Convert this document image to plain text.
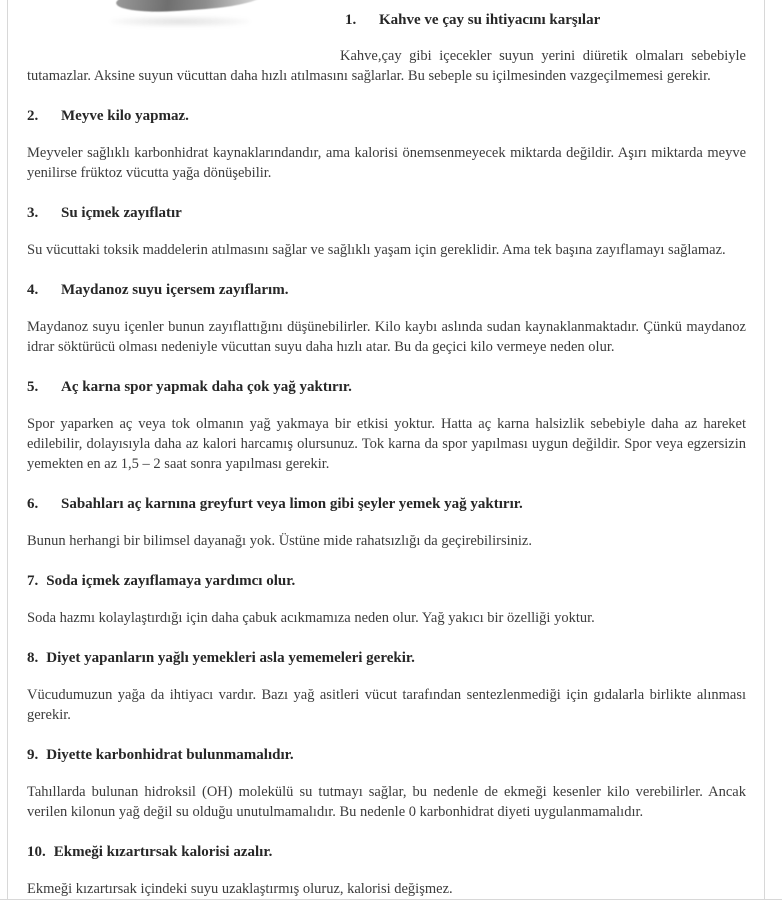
1. Kahve ve çay su ihtiyacını karşılar

Kahve,çay gibi içecekler suyun yerini diüretik olmaları sebebiyle tutamazlar. Aksine suyun vücuttan daha hızlı atılmasını sağlarlar. Bu sebeple su içilmesinden vazgeçilmemesi gerekir.

2. Meyve kilo yapmaz.

Meyveler sağlıklı karbonhidrat kaynaklarındandır, ama kalorisi önemsenmeyecek miktarda değildir. Aşırı miktarda meyve yenilirse früktoz vücutta yağa dönüşebilir.

3. Su içmek zayıflatır

Su vücuttaki toksik maddelerin atılmasını sağlar ve sağlıklı yaşam için gereklidir. Ama tek başına zayıflamayı sağlamaz.

4. Maydanoz suyu içersem zayıflarım.

Maydanoz suyu içenler bunun zayıflattığını düşünebilirler. Kilo kaybı aslında sudan kaynaklanmaktadır. Çünkü maydanoz idrar söktürücü olması nedeniyle vücuttan suyu daha hızlı atar. Bu da geçici kilo vermeye neden olur.

5. Aç karna spor yapmak daha çok yağ yaktırır.

Spor yaparken aç veya tok olmanın yağ yakmaya bir etkisi yoktur. Hatta aç karna halsizlik sebebiyle daha az hareket edilebilir, dolayısıyla daha az kalori harcamış olursunuz. Tok karna da spor yapılması uygun değildir. Spor veya egzersizin yemekten en az 1,5 – 2 saat sonra yapılması gerekir.

6. Sabahları aç karnına greyfurt veya limon gibi şeyler yemek yağ yaktırır.

Bunun herhangi bir bilimsel dayanağı yok. Üstüne mide rahatsızlığı da geçirebilirsiniz.

7. Soda içmek zayıflamaya yardımcı olur.

Soda hazmı kolaylaştırdığı için daha çabuk acıkmamıza neden olur. Yağ yakıcı bir özelliği yoktur.

8. Diyet yapanların yağlı yemekleri asla yememeleri gerekir.

Vücudumuzun yağa da ihtiyacı vardır. Bazı yağ asitleri vücut tarafından sentezlenmediği için gıdalarla birlikte alınması gerekir.

9. Diyette karbonhidrat bulunmamalıdır.

Tahıllarda bulunan hidroksil (OH) molekülü su tutmayı sağlar, bu nedenle de ekmeği kesenler kilo verebilirler. Ancak verilen kilonun yağ değil su olduğu unutulmamalıdır. Bu nedenle 0 karbonhidrat diyeti uygulanmamalıdır.

10. Ekmeği kızartırsak kalorisi azalır.

Ekmeği kızartırsak içindeki suyu uzaklaştırmış oluruz, kalorisi değişmez.
